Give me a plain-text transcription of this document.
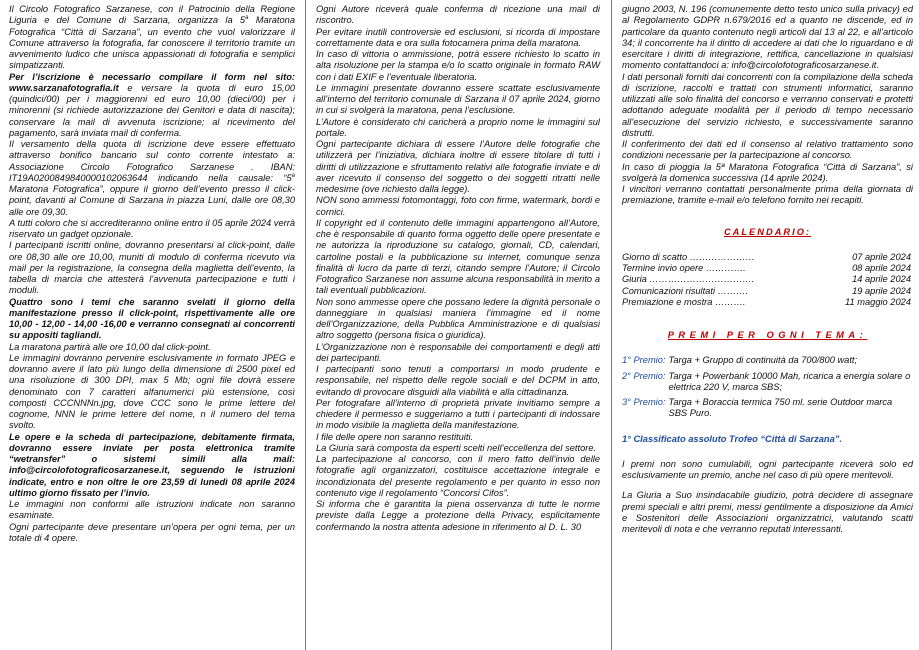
Il Circolo Fotografico Sarzanese, con il Patrocinio della Regione Liguria e del Comune di Sarzana, organizza la 5$^a$ Maratona Fotografica “Città di Sarzana”, un evento che vuol valorizzare il Comune attraverso la fotografia, far conoscere il territorio tramite un avvenimento ludico che unisca appassionati di fotografia e semplici simpatizzanti.

Per l’iscrizione è necessario compilare il form nel sito: www.sarzanafotografia.it e versare la quota di euro 15,00 (quindici/00) per i maggiorenni ed euro 10,00 (dieci/00) per i minorenni (si richiede autorizzazione dei Genitori e data di nascita); conservare la mail di avvenuta iscrizione; al ricevimento del pagamento, sarà inviata mail di conferma.

Il versamento della quota di iscrizione deve essere effettuato attraverso bonifico bancario sul conto corrente intestato a: Associazione Circolo Fotografico Sarzanese . IBAN: IT19A0200849840000102063644 indicando nella causale: “5$^a$ Maratona Fotografica”, oppure il giorno dell’evento presso il click-point, davanti al Comune di Sarzana in piazza Luni, dalle ore 08,30 alle ore 09,30.

A tutti coloro che si accrediteranno online entro il 05 aprile 2024 verrà riservato un gadget opzionale.

I partecipanti iscritti online, dovranno presentarsi al click-point, dalle ore 08,30 alle ore 10,00, muniti di modulo di conferma ricevuto via mail per la registrazione, la consegna della maglietta dell’evento, la tabella di marcia che attesterà l’avvenuta partecipazione e tutti i moduli.

Quattro sono i temi che saranno svelati il giorno della manifestazione presso il click-point, rispettivamente alle ore 10,00 - 12,00 - 14,00 -16,00 e verranno consegnati ai concorrenti su appositi tagliandi.

La maratona partirà alle ore 10,00 dal click-point.

Le immagini dovranno pervenire esclusivamente in formato JPEG e dovranno avere il lato più lungo della dimensione di 2500 pixel ed una risoluzione di 300 DPI, max 5 Mb; ogni file dovrà essere denominato con 7 caratteri alfanumerici più estensione, così composti CCCNNNn.jpg, dove CCC sono le prime lettere del cognome, NNN le prime lettere del nome, n il numero del tema svolto.

Le opere e la scheda di partecipazione, debitamente firmata, dovranno essere inviate per posta elettronica tramite “wetransfer” o sistemi simili alla mail: info@circolofotograficosarzanese.it, seguendo le istruzioni indicate, entro e non oltre le ore 23,59 di lunedì 08 aprile 2024 ultimo giorno fissato per l’invio.

Le immagini non conformi alle istruzioni indicate non saranno esaminate.

Ogni partecipante deve presentare un’opera per ogni tema, per un totale di 4 opere.

Ogni Autore riceverà quale conferma di ricezione una mail di riscontro.

Per evitare inutili controversie ed esclusioni, si ricorda di impostare correttamente data e ora sulla fotocamera prima della maratona.

In caso di vittoria o ammissione, potrà essere richiesto lo scatto in alta risoluzione per la stampa e/o lo scatto originale in formato RAW con i dati EXIF e l’eventuale liberatoria.

Le immagini presentate dovranno essere scattate esclusivamente all’interno del territorio comunale di Sarzana il 07 aprile 2024, giorno in cui si svolgerà la maratona, pena l’esclusione.

L’Autore è considerato chi caricherà a proprio nome le immagini sul portale.

Ogni partecipante dichiara di essere l’Autore delle fotografie che utilizzerà per l’iniziativa, dichiara inoltre di essere titolare di tutti i diritti di utilizzazione e sfruttamento relativi alle fotografie inviate e di aver ricevuto il consenso del soggetto o dei soggetti ritratti nelle medesime (ove richiesto dalla legge).

NON sono ammessi fotomontaggi, foto con firme, watermark, bordi e cornici.

Il copyright ed il contenuto delle immagini appartengono all’Autore, che è responsabile di quanto forma oggetto delle opere presentate e ne autorizza la riproduzione su catalogo, giornali, CD, calendari, cartoline postali e la pubblicazione su internet, comunque senza finalità di lucro da parte di terzi, citando sempre l’Autore; il Circolo Fotografico Sarzanese non assume alcuna responsabilità in merito a tali eventuali pubblicazioni.

Non sono ammesse opere che possano ledere la dignità personale o danneggiare in qualsiasi maniera l’immagine ed il nome dell’Organizzazione, della Pubblica Amministrazione e di qualsiasi altro soggetto (persona fisica o giuridica).

L’Organizzazione non è responsabile dei comportamenti e degli atti dei partecipanti.

I partecipanti sono tenuti a comportarsi in modo prudente e responsabile, nel rispetto delle regole sociali e del DCPM in atto, evitando di provocare disguidi alla viabilità e alla cittadinanza.

Per fotografare all’interno di proprietà private invitiamo sempre a chiedere il permesso e suggeriamo a tutti i partecipanti di indossare in modo visibile la maglietta della manifestazione.

I file delle opere non saranno restituiti.

La Giuria sarà composta da esperti scelti nell’eccellenza del settore.

La partecipazione al concorso, con il mero fatto dell’invio delle fotografie agli organizzatori, costituisce accettazione integrale e incondizionata del presente regolamento e per quanto in esso non contenuto vige il regolamento “Concorsi Cifos”.

Si informa che è garantita la piena osservanza di tutte le norme previste dalla Legge a protezione della Privacy, esplicitamente confermando la nostra attenta adesione in riferimento al D. L. 30

giugno 2003, N. 196 (comunemente detto testo unico sulla privacy) ed al Regolamento GDPR n.679/2016 ed a quanto ne discende, ed in particolare da quanto contenuto negli articoli dal 13 al 22, e all’articolo 34; il concorrente ha il diritto di accedere ai dati che lo riguardano e di esercitare i diritti di integrazione, rettifica, cancellazione in qualsiasi momento contattandoci a: info@circolofotograficosarzanese.it.

I dati personali forniti dai concorrenti con la compilazione della scheda di iscrizione, raccolti e trattati con strumenti informatici, saranno utilizzati alle solo finalità del concorso e verranno conservati e protetti adottando adeguate modalità per il periodo di tempo necessario all’esecuzione del servizio richiesto, e successivamente saranno distrutti.

Il conferimento dei dati ed il consenso al relativo trattamento sono condizioni necessarie per la partecipazione al concorso.

In caso di pioggia la 5ª Maratona Fotografica “Città di Sarzana”, si svolgerà la domenica successiva (14 aprile 2024).

I vincitori verranno contattati personalmente prima della giornata di premiazione, tramite e-mail e/o telefono fornito nei recapiti.

CALENDARIO:
Giorno di scatto …………………	07 aprile 2024
Termine invio opere ………….	08 aprile 2024
Giuria …………………………….	14 aprile 2024
Comunicazioni risultati ……….	19 aprile 2024
Premiazione e mostra ……….	11 maggio 2024
PREMI PER OGNI TEMA:
1° Premio: Targa + Gruppo di continuità da 700/800 watt;
2° Premio: Targa + Powerbank 10000 Mah, ricarica a energia solare o elettrica 220 V, marca SBS;
3° Premio: Targa + Boraccia termica 750 ml. serie Outdoor marca SBS Puro.
1° Classificato assoluto Trofeo “Città di Sarzana”.

I premi non sono cumulabili, ogni partecipante riceverà solo ed esclusivamente un premio, anche nel caso di più opere meritevoli.

La Giuria a Suo insindacabile giudizio, potrà decidere di assegnare premi speciali e altri premi, messi gentilmente a disposizione da Amici e Sostenitori delle Associazioni organizzatrici, valutando scatti meritevoli di nota e che verranno reputati interessanti.
